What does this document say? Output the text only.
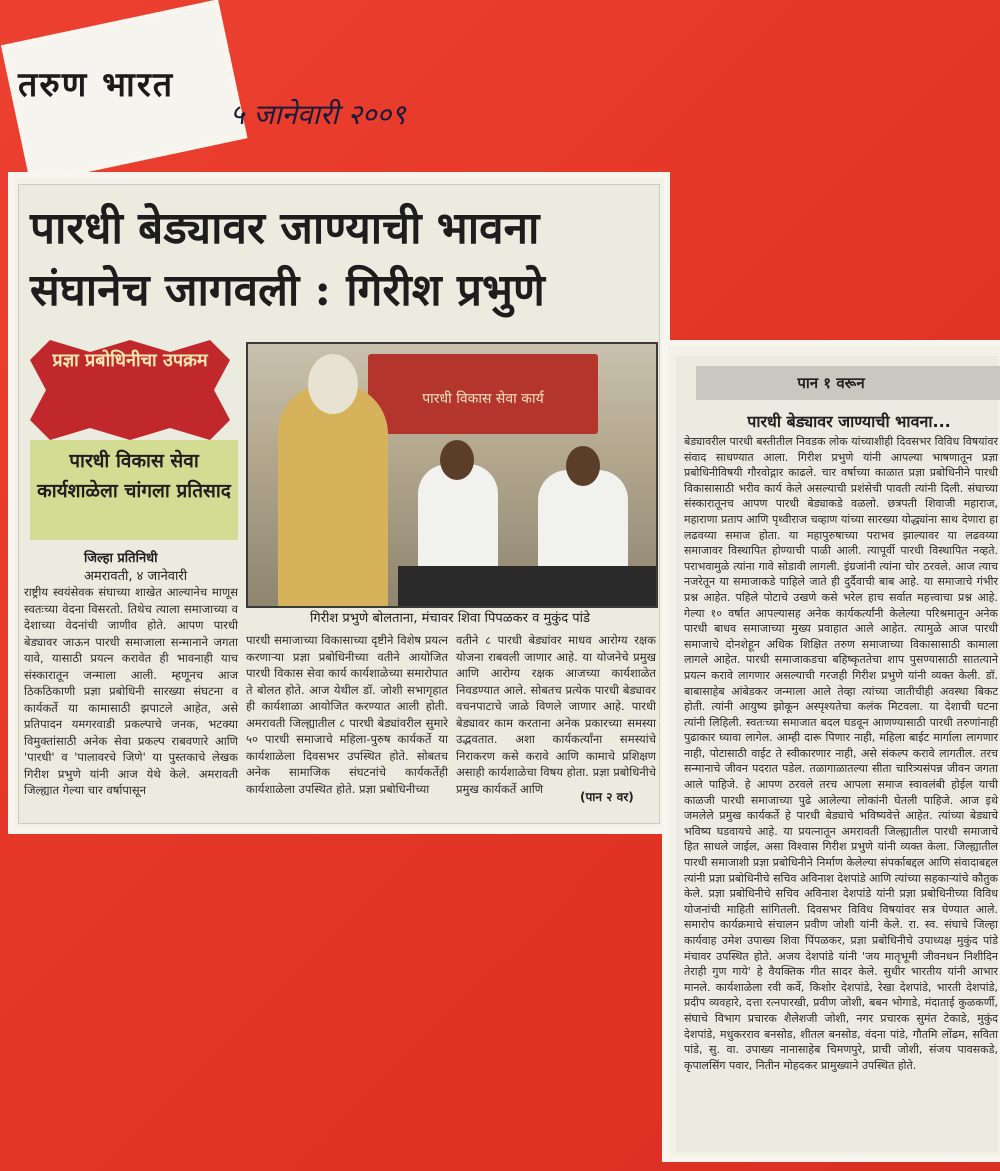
तरुण भारत
५ जानेवारी २००९
पारधी बेड्यावर जाण्याची भावना
संघानेच जागवली : गिरीश प्रभुणे
प्रज्ञा प्रबोधिनीचा उपक्रम
पारधी विकास सेवा कार्यशाळेला चांगला प्रतिसाद
पारधी विकास सेवा कार्य
गिरीश प्रभुणे बोलताना, मंचावर शिवा पिपळकर व मुकुंद पांडे
जिल्हा प्रतिनिधी
अमरावती, ४ जानेवारी
राष्ट्रीय स्वयंसेवक संघाच्या शाखेत आल्यानेच माणूस स्वतःच्या वेदना विसरतो. तिथेच त्याला समाजाच्या व देशाच्या वेदनांची जाणीव होते. आपण पारधी बेड्यावर जाऊन पारधी समाजाला सन्मानाने जगता यावे, यासाठी प्रयत्न करावेत ही भावनाही याच संस्कारातून जन्माला आली. म्हणूनच आज ठिकठिकाणी प्रज्ञा प्रबोधिनी सारख्या संघटना व कार्यकर्ते या कामासाठी झपाटले आहेत, असे प्रतिपादन यमगरवाडी प्रकल्पाचे जनक, भटक्या विमुक्तांसाठी अनेक सेवा प्रकल्प राबवणारे आणि 'पारधी' व 'पालावरचे जिणे' या पुस्तकाचे लेखक गिरीश प्रभुणे यांनी आज येथे केले. अमरावती जिल्ह्यात गेल्या चार वर्षापासून
पारधी समाजाच्या विकासाच्या दृष्टीने विशेष प्रयत्न करणाऱ्या प्रज्ञा प्रबोधिनीच्या वतीने आयोजित पारधी विकास सेवा कार्य कार्यशाळेच्या समारोपात ते बोलत होते. आज येथील डॉ. जोशी सभागृहात ही कार्यशाळा आयोजित करण्यात आली होती. अमरावती जिल्ह्यातील ८ पारधी बेड्यांवरील सुमारे ५० पारधी समाजाचे महिला-पुरुष कार्यकर्ते या कार्यशाळेला दिवसभर उपस्थित होते. सोबतच अनेक सामाजिक संघटनांचे कार्यकर्तेही कार्यशाळेला उपस्थित होते. प्रज्ञा प्रबोधिनीच्या
वतीने ८ पारधी बेड्यांवर माधव आरोग्य रक्षक योजना राबवली जाणार आहे. या योजनेचे प्रमुख आणि आरोग्य रक्षक आजच्या कार्यशाळेत निवडण्यात आले. सोबतच प्रत्येक पारधी बेड्यावर वचनपाटाचे जाळे विणले जाणार आहे. पारधी बेड्यावर काम करताना अनेक प्रकारच्या समस्या उद्भवतात. अशा कार्यकर्त्यांना समस्यांचे निराकरण कसे करावे आणि कामाचे प्रशिक्षण असाही कार्यशाळेचा विषय होता. प्रज्ञा प्रबोधिनीचे प्रमुख कार्यकर्ते आणि
(पान २ वर)
पान १ वरून
पारधी बेड्यावर जाण्याची भावना...
बेड्यावरील पारधी बस्तीतील निवडक लोक यांच्याशीही दिवसभर विविध विषयांवर संवाद साधण्यात आला. गिरीश प्रभुणे यांनी आपल्या भाषणातून प्रज्ञा प्रबोधिनीविषयी गौरवोद्गार काढले. चार वर्षाच्या काळात प्रज्ञा प्रबोधिनीने पारधी विकासासाठी भरीव कार्य केले असल्याची प्रशंसेची पावती त्यांनी दिली. संघाच्या संस्कारातूनच आपण पारधी बेड्याकडे वळलो. छत्रपती शिवाजी महाराज, महाराणा प्रताप आणि पृथ्वीराज चव्हाण यांच्या सारख्या योद्ध्यांना साथ देणारा हा लढवय्या समाज होता. या महापुरुषाच्या पराभव झाल्यावर या लढवय्या समाजावर विस्थापित होण्याची पाळी आली. त्यापूर्वी पारधी विस्थापित नव्हते. पराभवामुळे त्यांना गावे सोडावी लागली. इंग्रजांनी त्यांना चोर ठरवले. आज त्याच नजरेतून या समाजाकडे पाहिले जाते ही दुर्दैवाची बाब आहे. या समाजाचे गंभीर प्रश्न आहेत. पहिले पोटाचे उखणे कसे भरेल हाच सर्वात महत्त्वाचा प्रश्न आहे. गेल्या १० वर्षात आपल्यासह अनेक कार्यकर्त्यांनी केलेल्या परिश्रमातून अनेक पारधी बाधव समाजाच्या मुख्य प्रवाहात आले आहेत. त्यामुळे आज पारधी समाजाचे दोनशेहून अधिक शिक्षित तरुण समाजाच्या विकासासाठी कामाला लागले आहेत. पारधी समाजाकडचा बहिष्कृततेचा शाप पुसण्यासाठी सातत्याने प्रयत्न करावे लागणार असल्याची गरजही गिरीश प्रभुणे यांनी व्यक्त केली. डॉ. बाबासाहेब आंबेडकर जन्माला आले तेव्हा त्यांच्या जातीचीही अवस्था बिकट होती. त्यांनी आयुष्य झोकून अस्पृश्यतेचा कलंक मिटवला. या देशाची घटना त्यांनी लिहिली. स्वतःच्या समाजात बदल घडवून आणण्यासाठी पारधी तरुणांनाही पुढाकार घ्यावा लागेल. आम्ही दारू पिणार नाही, महिला बाईट मार्गाला लागणार नाही, पोटासाठी वाईट ते स्वीकारणार नाही, असे संकल्प करावे लागतील. तरच सन्मानाचे जीवन पदरात पडेल. तळागाळातल्या सीता चारित्र्यसंपन्न जीवन जगता आले पाहिजे. हे आपण ठरवले तरच आपला समाज स्वावलंबी होईल याची काळजी पारधी समाजाच्या पुढे आलेल्या लोकांनी घेतली पाहिजे. आज इथे जमलेले प्रमुख कार्यकर्ते हे पारधी बेड्याचे भविष्यवेत्ते आहेत. त्यांच्या बेड्याचे भविष्य घडवायचे आहे. या प्रयत्नातून अमरावती जिल्ह्यातील पारधी समाजाचे हित साधले जाईल, असा विश्वास गिरीश प्रभुणे यांनी व्यक्त केला. जिल्ह्यातील पारधी समाजाशी प्रज्ञा प्रबोधिनीने निर्माण केलेल्या संपर्काबद्दल आणि संवादाबद्दल त्यांनी प्रज्ञा प्रबोधिनीचे सचिव अविनाश देशपांडे आणि त्यांच्या सहकाऱ्यांचे कौतुक केले. प्रज्ञा प्रबोधिनीचे सचिव अविनाश देशपांडे यांनी प्रज्ञा प्रबोधिनीच्या विविध योजनांची माहिती सांगितली. दिवसभर विविध विषयांवर सत्र घेण्यात आले. समारोप कार्यक्रमाचे संचालन प्रवीण जोशी यांनी केले. रा. स्व. संघाचे जिल्हा कार्यवाह उमेश उपाख्य शिवा पिंपळकर, प्रज्ञा प्रबोधिनीचे उपाध्यक्ष मुकुंद पांडे मंचावर उपस्थित होते. अजय देशपांडे यांनी 'जय मातृभूमी जीवनधन निशीदिन तेराही गुण गाये' हे वैयक्तिक गीत सादर केले. सुधीर भारतीय यांनी आभार मानले. कार्यशाळेला रवी कर्वे, किशोर देशपांडे, रेखा देशपांडे, भारती देशपांडे, प्रदीप व्यवहारे, दत्ता रत्नपारखी, प्रवीण जोशी, बबन भोगाडे, मंदाताई कुळकर्णी, संघाचे विभाग प्रचारक शैलेशजी जोशी, नगर प्रचारक सुमंत टेकाडे, मुकुंद देशपांडे, मधुकरराव बनसोड, शीतल बनसोड, वंदना पांडे, गौतमि लोंढम, सविता पांडे, सु. वा. उपाख्य नानासाहेब चिमणपुरे, प्राची जोशी, संजय पावसकडे, कृपालसिंग पवार, नितीन मोहदकर प्रामुख्याने उपस्थित होते.
